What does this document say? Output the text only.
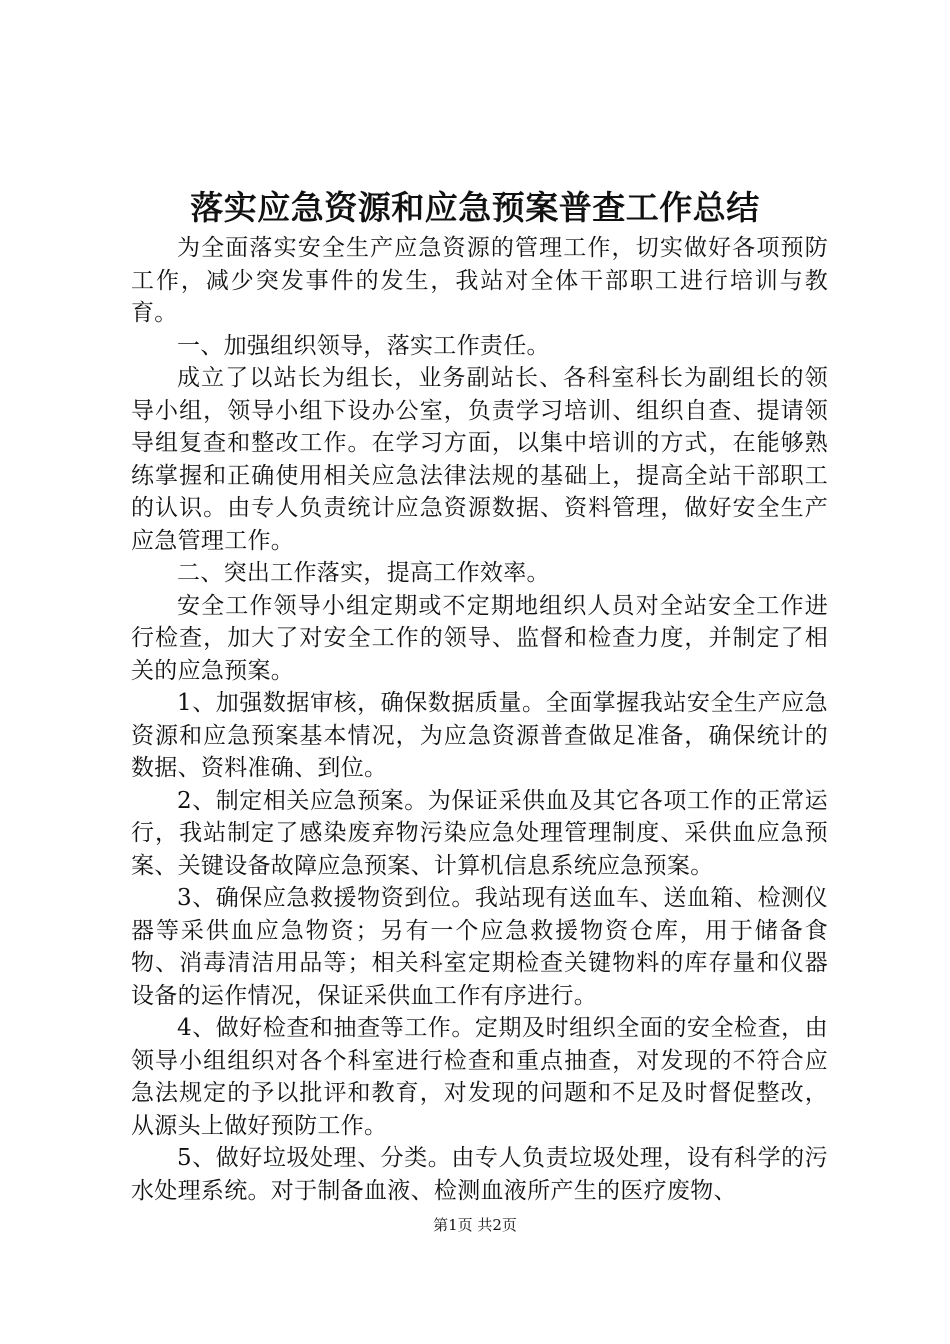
落实应急资源和应急预案普查工作总结

为全面落实安全生产应急资源的管理工作，切实做好各项预防工作，减少突发事件的发生，我站对全体干部职工进行培训与教育。

一、加强组织领导，落实工作责任。

成立了以站长为组长，业务副站长、各科室科长为副组长的领导小组，领导小组下设办公室，负责学习培训、组织自查、提请领导组复查和整改工作。在学习方面，以集中培训的方式，在能够熟练掌握和正确使用相关应急法律法规的基础上，提高全站干部职工的认识。由专人负责统计应急资源数据、资料管理，做好安全生产应急管理工作。

二、突出工作落实，提高工作效率。

安全工作领导小组定期或不定期地组织人员对全站安全工作进行检查，加大了对安全工作的领导、监督和检查力度，并制定了相关的应急预案。

1、加强数据审核，确保数据质量。全面掌握我站安全生产应急资源和应急预案基本情况，为应急资源普查做足准备，确保统计的数据、资料准确、到位。

2、制定相关应急预案。为保证采供血及其它各项工作的正常运行，我站制定了感染废弃物污染应急处理管理制度、采供血应急预案、关键设备故障应急预案、计算机信息系统应急预案。

3、确保应急救援物资到位。我站现有送血车、送血箱、检测仪器等采供血应急物资；另有一个应急救援物资仓库，用于储备食物、消毒清洁用品等；相关科室定期检查关键物料的库存量和仪器设备的运作情况，保证采供血工作有序进行。

4、做好检查和抽查等工作。定期及时组织全面的安全检查，由领导小组组织对各个科室进行检查和重点抽查，对发现的不符合应急法规定的予以批评和教育，对发现的问题和不足及时督促整改，从源头上做好预防工作。

5、做好垃圾处理、分类。由专人负责垃圾处理，设有科学的污水处理系统。对于制备血液、检测血液所产生的医疗废物、

第1页 共2页
